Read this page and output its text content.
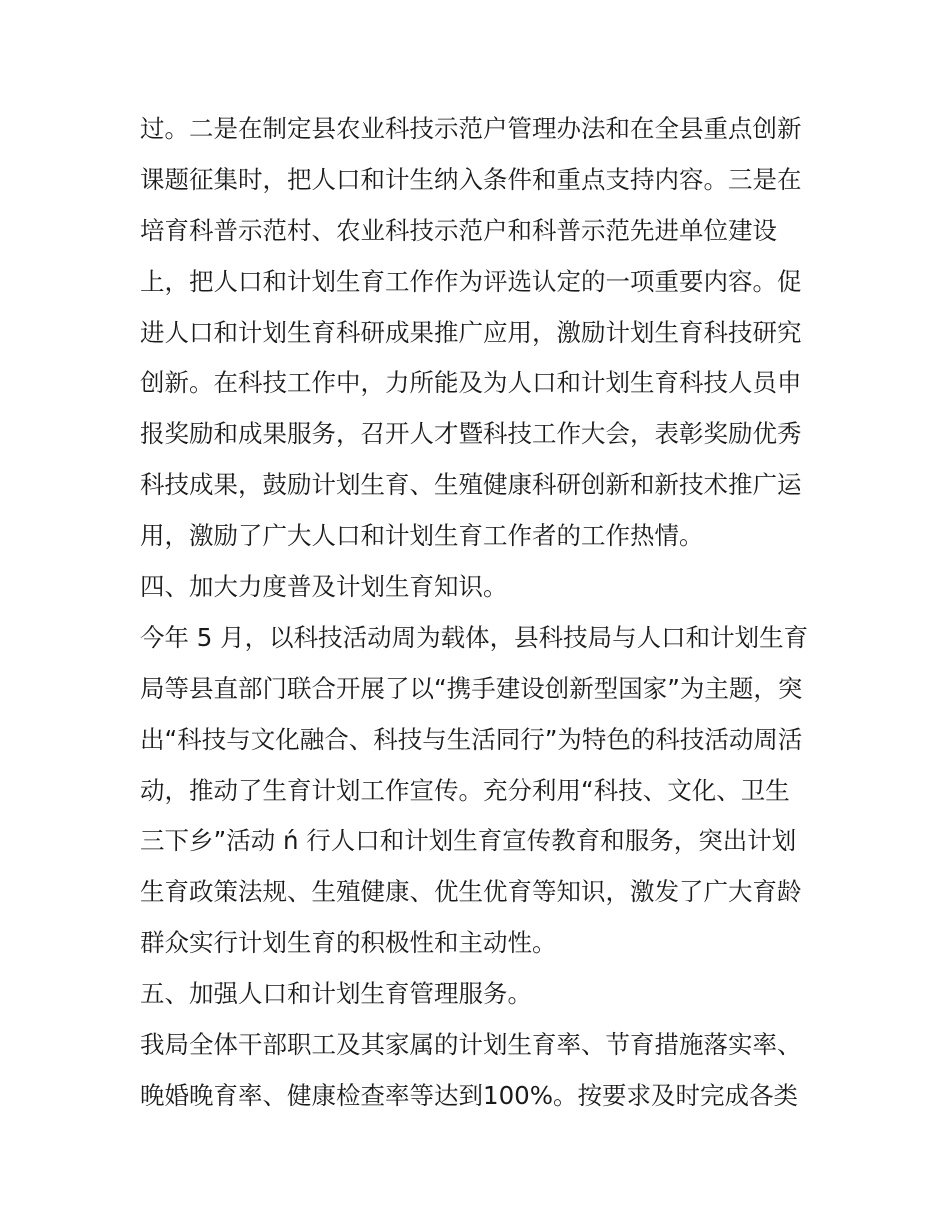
过。二是在制定县农业科技示范户管理办法和在全县重点创新
课题征集时，把人口和计生纳入条件和重点支持内容。三是在
培育科普示范村、农业科技示范户和科普示范先进单位建设
上，把人口和计划生育工作作为评选认定的一项重要内容。促
进人口和计划生育科研成果推广应用，激励计划生育科技研究
创新。在科技工作中，力所能及为人口和计划生育科技人员申
报奖励和成果服务，召开人才暨科技工作大会，表彰奖励优秀
科技成果，鼓励计划生育、生殖健康科研创新和新技术推广运
用，激励了广大人口和计划生育工作者的工作热情。
四、加大力度普及计划生育知识。
今年 5 月，以科技活动周为载体，县科技局与人口和计划生育
局等县直部门联合开展了以“携手建设创新型国家”为主题，突
出“科技与文化融合、科技与生活同行”为特色的科技活动周活
动，推动了生育计划工作宣传。充分利用“科技、文化、卫生
三下乡”活动 ń 行人口和计划生育宣传教育和服务，突出计划
生育政策法规、生殖健康、优生优育等知识，激发了广大育龄
群众实行计划生育的积极性和主动性。
五、加强人口和计划生育管理服务。
我局全体干部职工及其家属的计划生育率、节育措施落实率、
晚婚晚育率、健康检查率等达到100%。按要求及时完成各类
